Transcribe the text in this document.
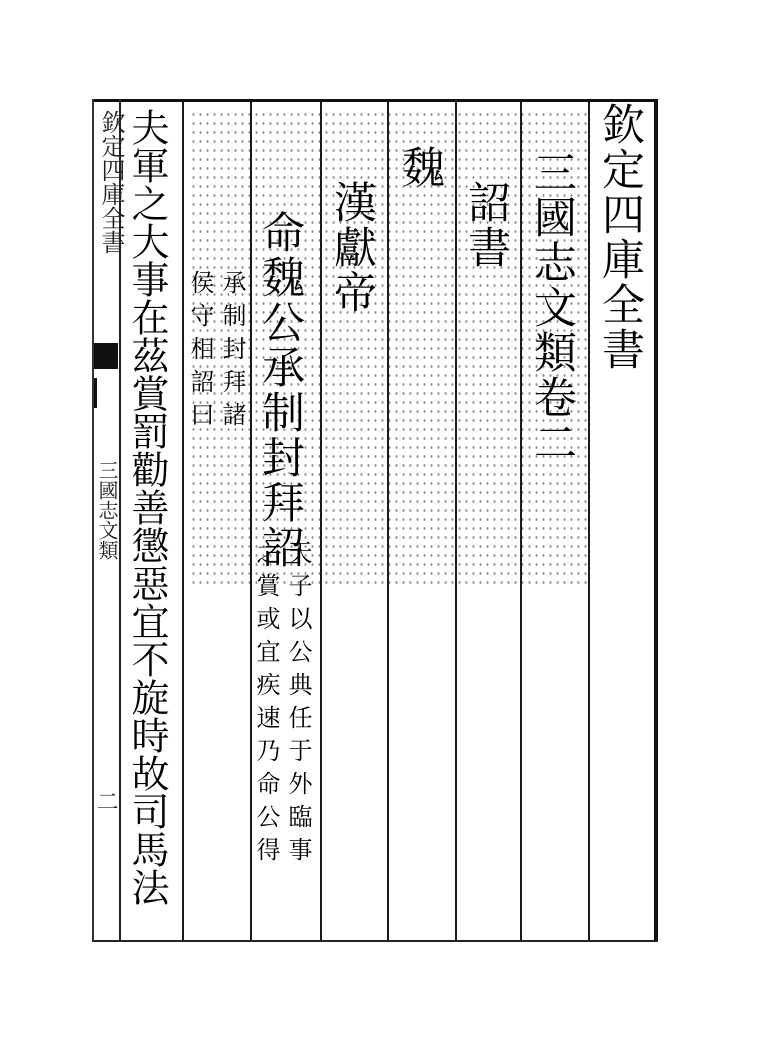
欽定四庫全書
三國志文類卷二
詔書
魏
漢獻帝
命魏公承制封拜詔
天子以公典任于外臨事
之賞或宜疾速乃命公得
承制封拜諸
侯守相詔曰
夫軍之大事在茲賞罰勸善懲惡宜不旋時故司馬法
欽定四庫全書
三國志文類
二
